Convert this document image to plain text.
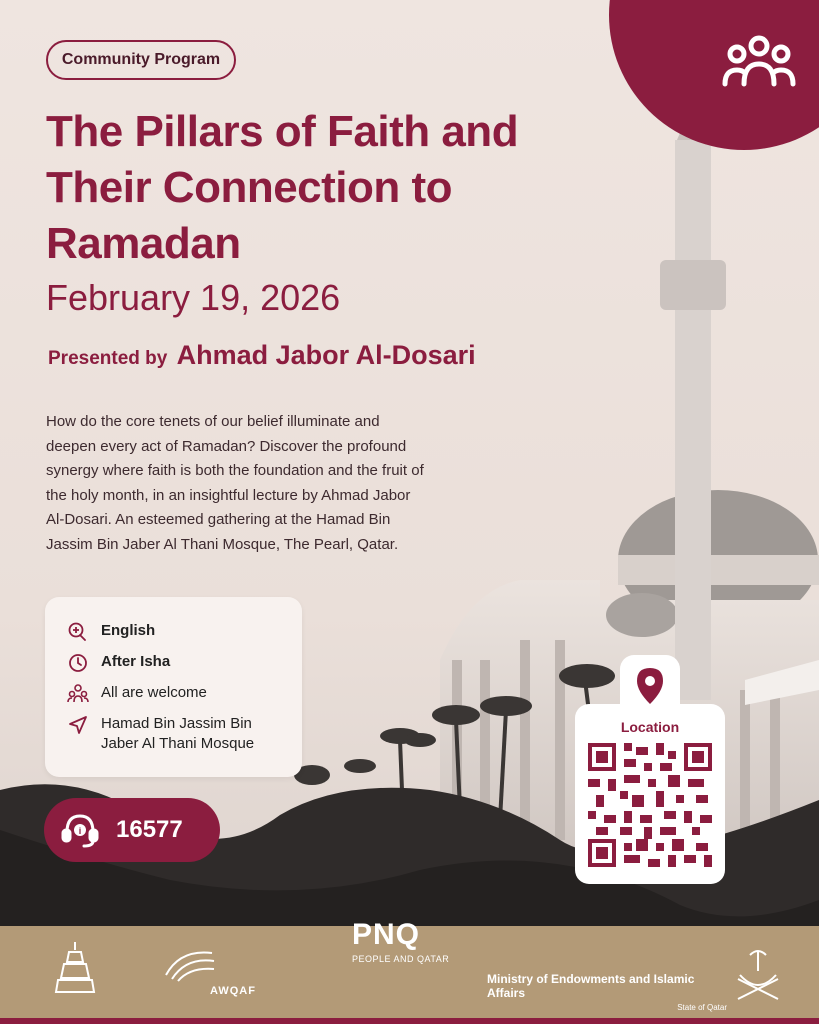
Community Program
The Pillars of Faith and Their Connection to Ramadan
February 19, 2026
Presented by Ahmad Jabor Al-Dosari

How do the core tenets of our belief illuminate and deepen every act of Ramadan? Discover the profound synergy where faith is both the foundation and the fruit of the holy month, in an insightful lecture by Ahmad Jabor Al-Dosari. An esteemed gathering at the Hamad Bin Jassim Bin Jaber Al Thani Mosque, The Pearl, Qatar.

English
After Isha
All are welcome
Hamad Bin Jassim Bin Jaber Al Thani Mosque
i 16577
Location
AWQAF
PNQ
PEOPLE AND QATAR
Ministry of Endowments and Islamic Affairs
State of Qatar
